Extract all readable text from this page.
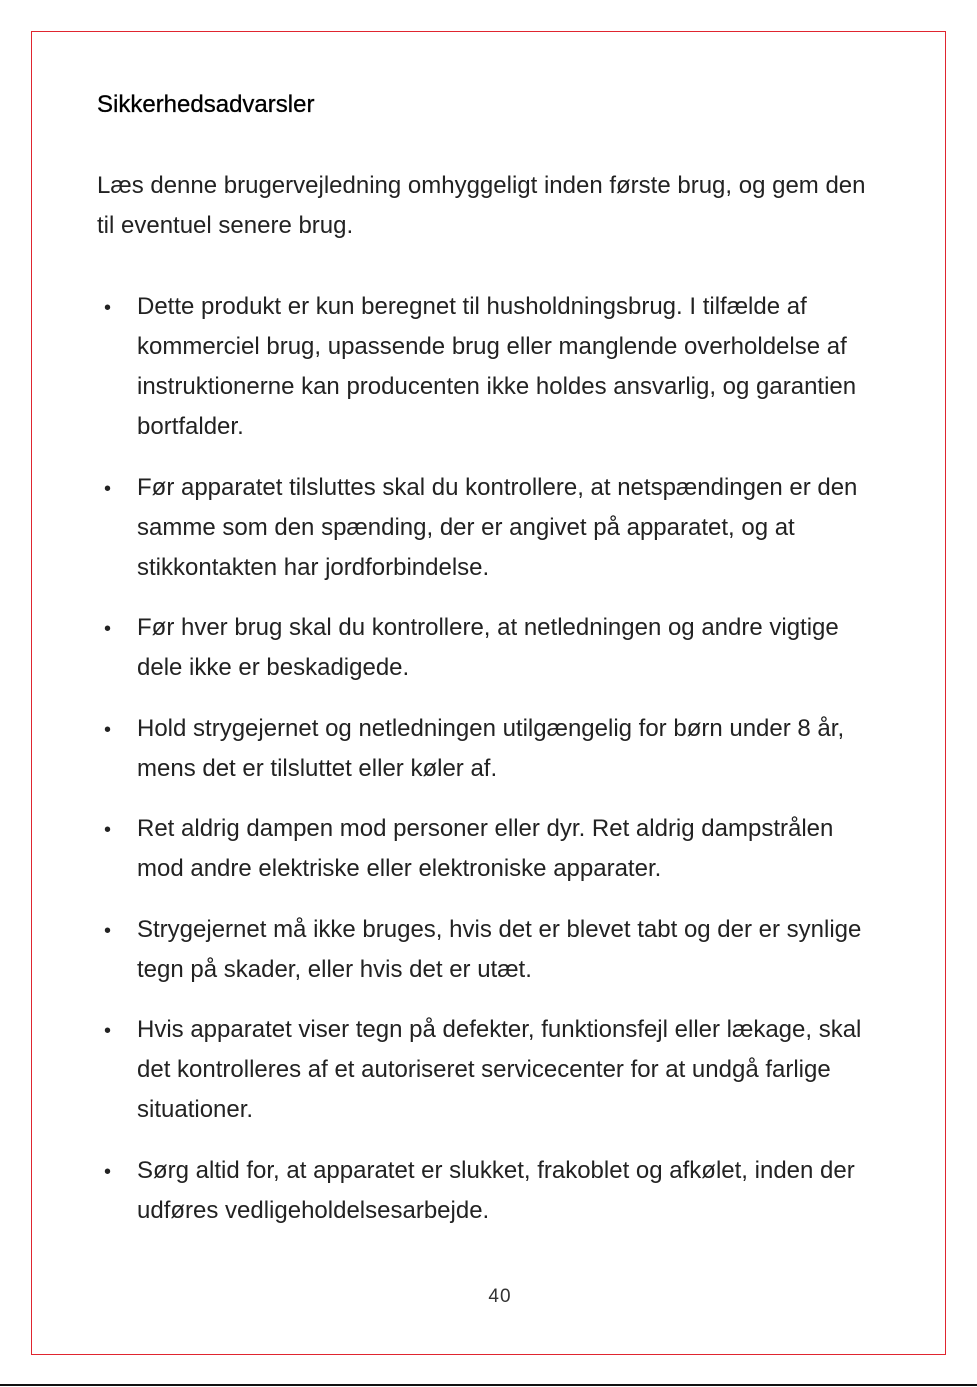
Sikkerhedsadvarsler
Læs denne brugervejledning omhyggeligt inden første brug, og gem den
til eventuel senere brug.
• Dette produkt er kun beregnet til husholdningsbrug. I tilfælde af
kommerciel brug, upassende brug eller manglende overholdelse af
instruktionerne kan producenten ikke holdes ansvarlig, og garantien
bortfalder.
• Før apparatet tilsluttes skal du kontrollere, at netspændingen er den
samme som den spænding, der er angivet på apparatet, og at
stikkontakten har jordforbindelse.
• Før hver brug skal du kontrollere, at netledningen og andre vigtige
dele ikke er beskadigede.
• Hold strygejernet og netledningen utilgængelig for børn under 8 år,
mens det er tilsluttet eller køler af.
• Ret aldrig dampen mod personer eller dyr. Ret aldrig dampstrålen
mod andre elektriske eller elektroniske apparater.
• Strygejernet må ikke bruges, hvis det er blevet tabt og der er synlige
tegn på skader, eller hvis det er utæt.
• Hvis apparatet viser tegn på defekter, funktionsfejl eller lækage, skal
det kontrolleres af et autoriseret servicecenter for at undgå farlige
situationer.
• Sørg altid for, at apparatet er slukket, frakoblet og afkølet, inden der
udføres vedligeholdelsesarbejde.
40
